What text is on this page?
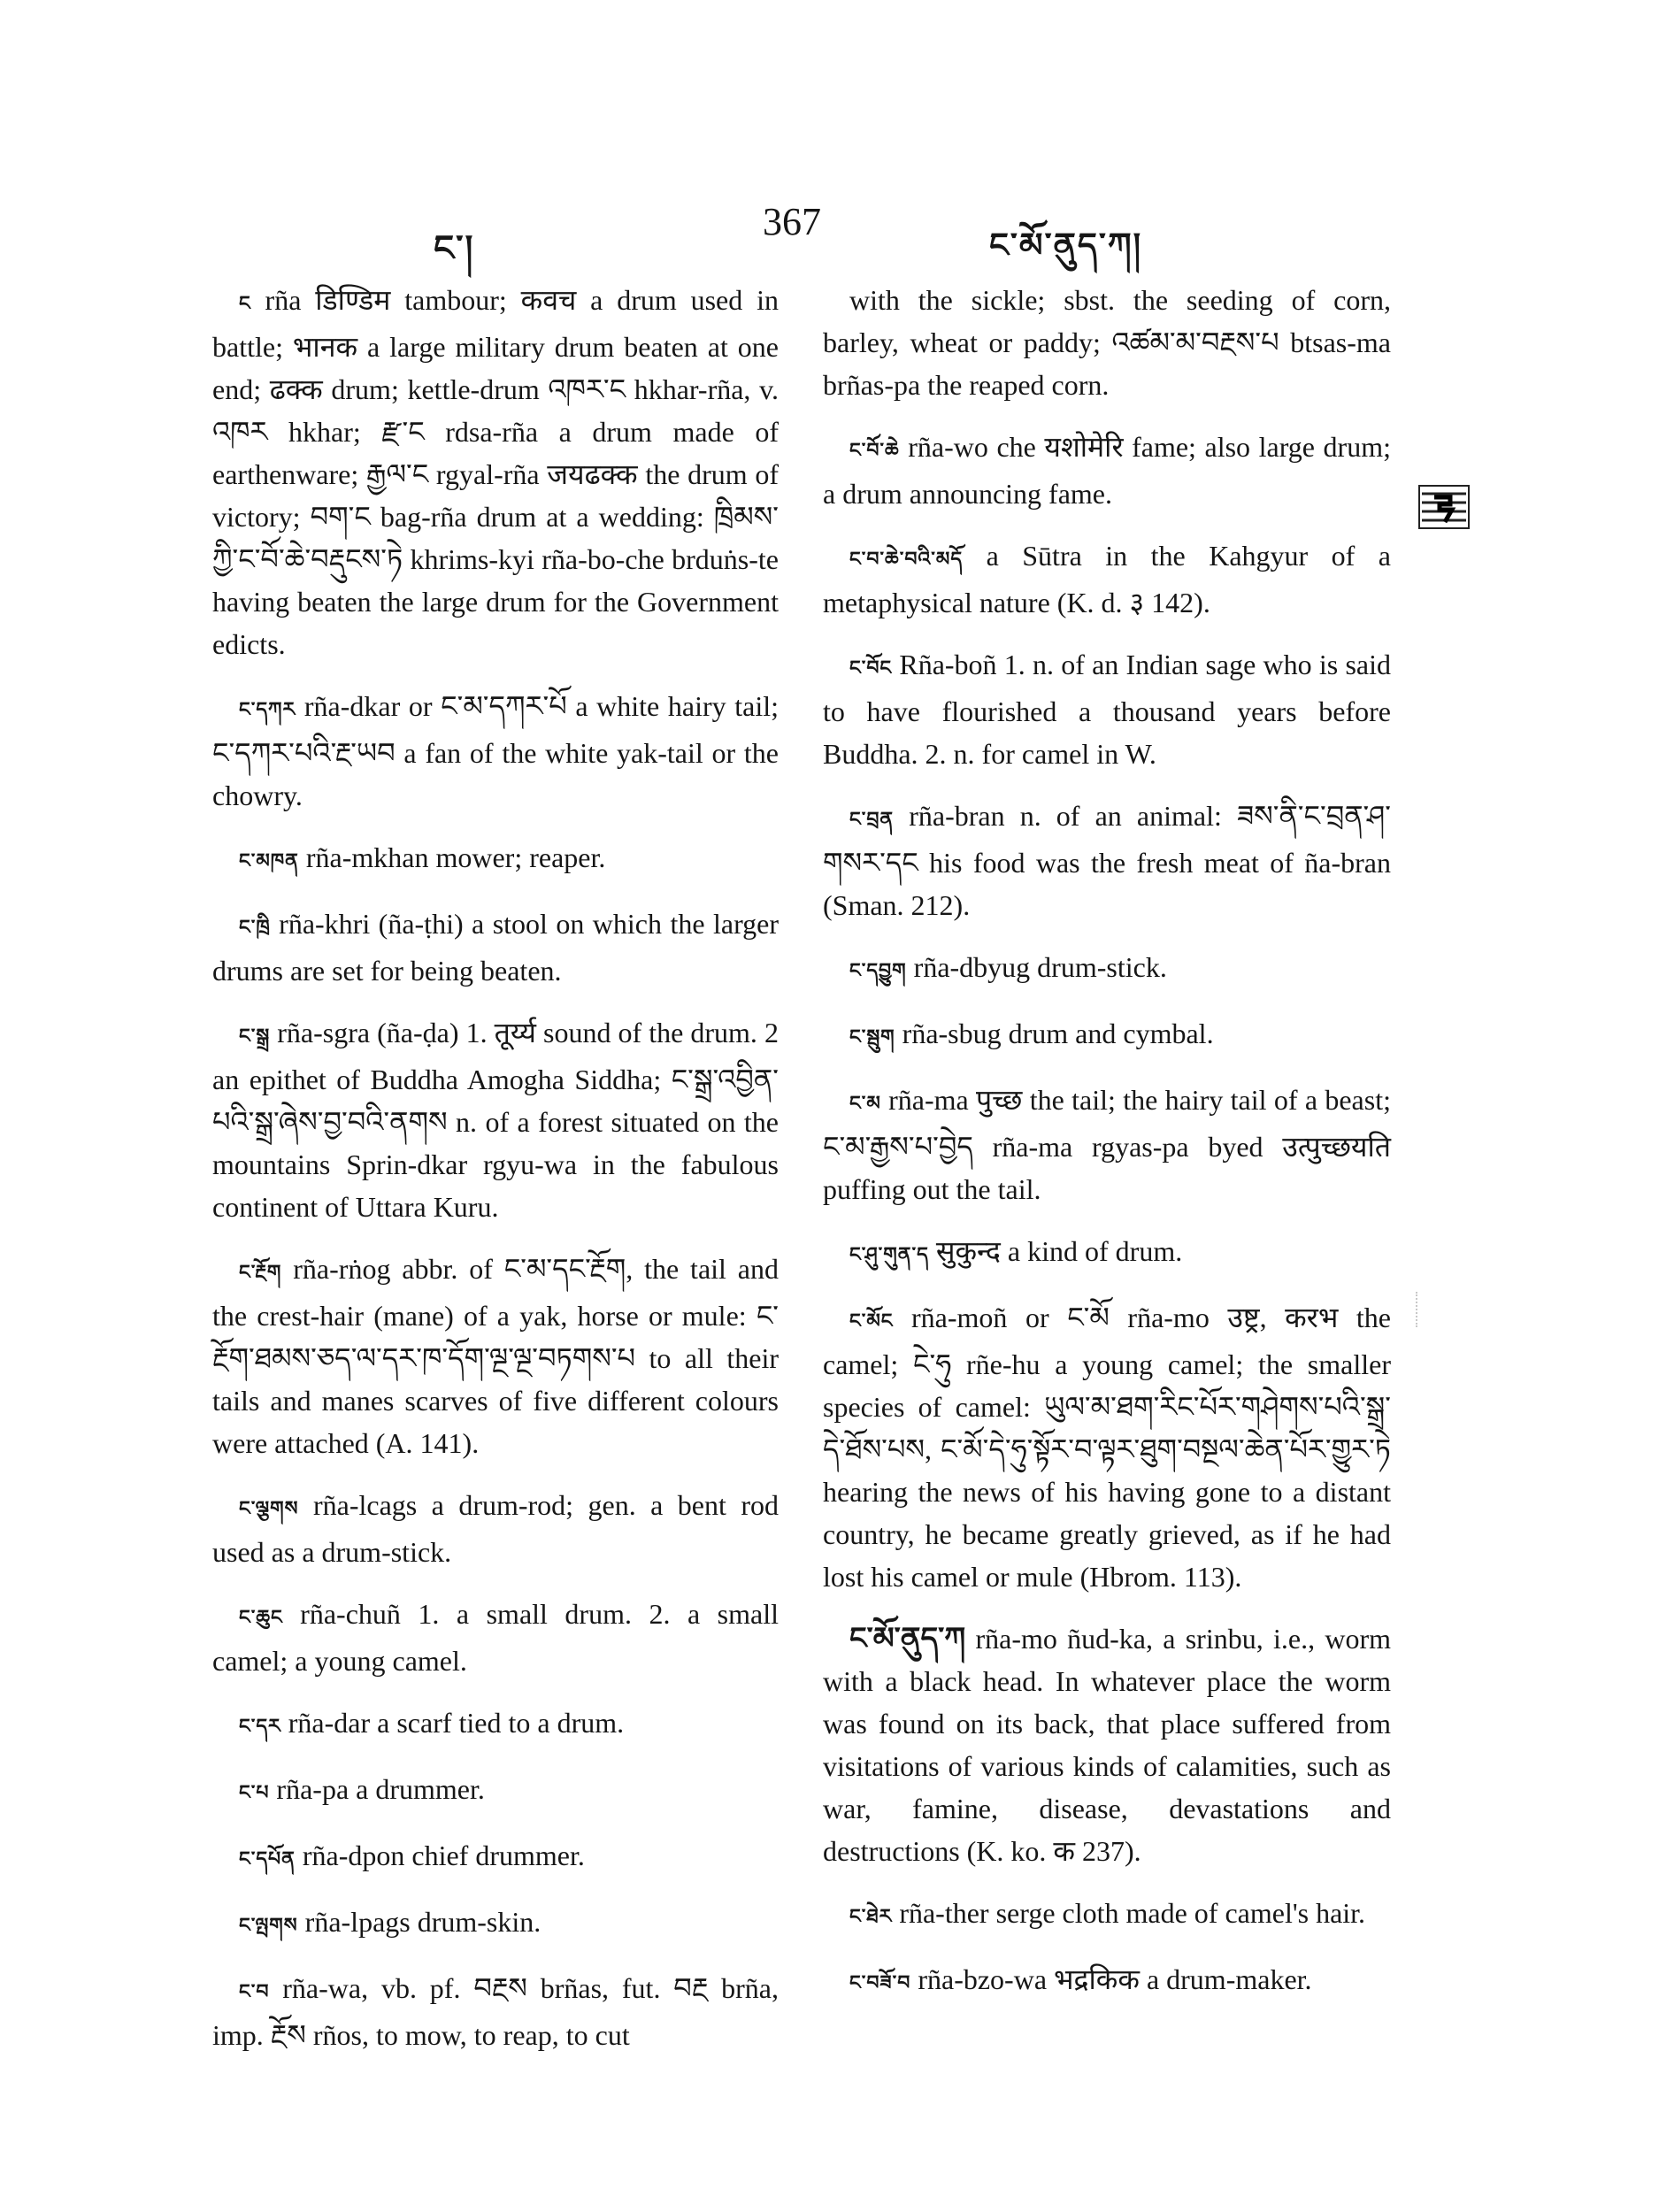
ང་།
367
ང་མོ་ནུད་ཀ།

ང rña डिण्डिम tambour; कवच a drum used in battle; भानक a large military drum beaten at one end; ढक्क drum; kettle-drum འཁར་ང hkhar-rña, v. འཁར hkhar; རྫ་ང rdsa-rña a drum made of earthenware; རྒྱལ་ང rgyal-rña जयढक्क the drum of victory; བག་ང bag-rña drum at a wedding: ཁྲིམས་ཀྱི་ང་བོ་ཆེ་བརྡུངས་ཏེ khrims-kyi rña-bo-che brduṅs-te having beaten the large drum for the Government edicts.

ང་དཀར rña-dkar or ང་མ་དཀར་པོ a white hairy tail; ང་དཀར་པའི་རྔ་ཡབ a fan of the white yak-tail or the chowry.

ང་མཁན rña-mkhan mower; reaper.

ང་ཁྲི rña-khri (ña-ṭhi) a stool on which the larger drums are set for being beaten.

ང་སྒྲ rña-sgra (ña-ḍa) 1. तूर्य्य sound of the drum. 2 an epithet of Buddha Amogha Siddha; ང་སྒྲ་འབྱིན་པའི་སྒྲ་ཞེས་བྱ་བའི་ནགས n. of a forest situated on the mountains Sprin-dkar rgyu-wa in the fabulous continent of Uttara Kuru.

ང་རྔོག rña-rṅog abbr. of ང་མ་དང་རྔོག, the tail and the crest-hair (mane) of a yak, horse or mule: ང་རྔོག་ཐམས་ཅད་ལ་དར་ཁ་དོག་ལྔ་ལྔ་བཏགས་པ to all their tails and manes scarves of five different colours were attached (A. 141).

ང་ལྕགས rña-lcags a drum-rod; gen. a bent rod used as a drum-stick.

ང་ཆུང rña-chuñ 1. a small drum. 2. a small camel; a young camel.

ང་དར rña-dar a scarf tied to a drum.

ང་པ rña-pa a drummer.

ང་དཔོན rña-dpon chief drummer.

ང་ལྤགས rña-lpags drum-skin.

ང་བ rña-wa, vb. pf. བརྔས brñas, fut. བརྔ brña, imp. རྔོས rños, to mow, to reap, to cut

with the sickle; sbst. the seeding of corn, barley, wheat or paddy; འཚམ་མ་བརྔས་པ btsas-ma brñas-pa the reaped corn.

ང་བོ་ཆེ rña-wo che यशोमेरि fame; also large drum; a drum announcing fame.

ང་བ་ཆེ་བའི་མདོ a Sūtra in the Kahgyur of a metaphysical nature (K. d. ३ 142).

ང་བོང Rña-boñ 1. n. of an Indian sage who is said to have flourished a thousand years before Buddha. 2. n. for camel in W.

ང་བྲན rña-bran n. of an animal: ཟས་ནི་ང་བྲན་ཤ་གསར་དང his food was the fresh meat of ña-bran (Sman. 212).

ང་དབྱུག rña-dbyug drum-stick.

ང་སྦུག rña-sbug drum and cymbal.

ང་མ rña-ma पुच्छ the tail; the hairy tail of a beast; ང་མ་རྒྱས་པ་བྱེད rña-ma rgyas-pa byed उत्पुच्छयति puffing out the tail.

ང་ཤུ་གུན་ད सुकुन्द a kind of drum.

ང་མོང rña-moñ or ང་མོ rña-mo उष्ट्र, करभ the camel; ངེ་ཧུ rñe-hu a young camel; the smaller species of camel: ཡུལ་མ་ཐག་རིང་པོར་གཤེགས་པའི་སྒྲ་དེ་ཐོས་པས, ང་མོ་དེ་ཧུ་སྟོར་བ་ལྟར་ཐུག་བསྔལ་ཆེན་པོར་གྱུར་ཏེ hearing the news of his having gone to a distant country, he became greatly grieved, as if he had lost his camel or mule (Hbrom. 113).

ང་མོ་ནུད་ཀ rña-mo ñud-ka, a srinbu, i.e., worm with a black head. In whatever place the worm was found on its back, that place suffered from visitations of various kinds of calamities, such as war, famine, disease, devastations and destructions (K. ko. क 237).

ང་ཐེར rña-ther serge cloth made of camel's hair.

ང་བཟོ་བ rña-bzo-wa भद्रकिक a drum-maker.
